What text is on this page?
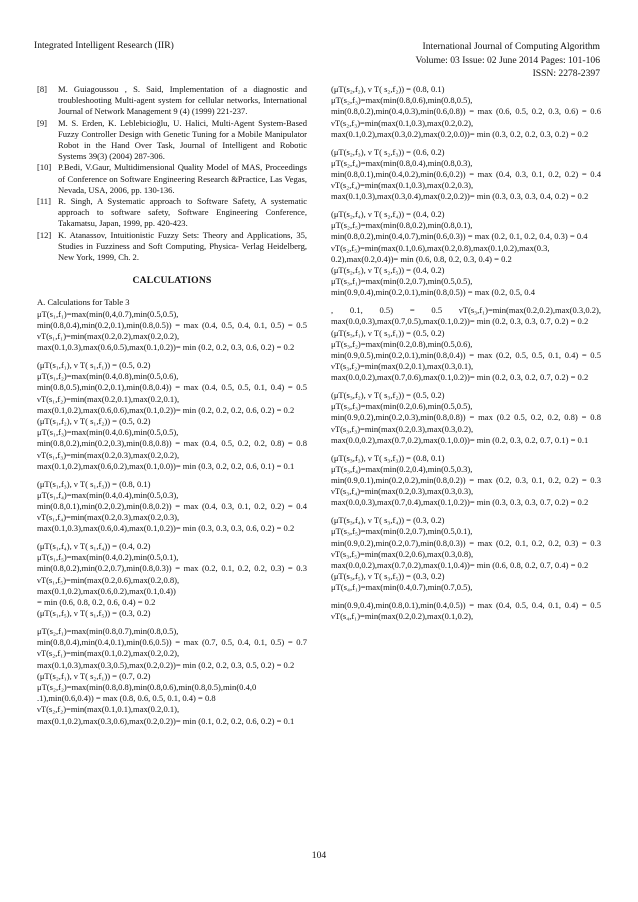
Integrated Intelligent Research (IIR)	International Journal of Computing Algorithm
Volume: 03 Issue: 02 June 2014 Pages: 101-106
ISSN: 2278-2397
[8]	M. Guiagoussou , S. Said, Implementation of a diagnostic and troubleshooting Multi-agent system for cellular networks, International Journal of Network Management 9 (4) (1999) 221-237.
[9]	M. S. Erden, K. Leblebicioğlu, U. Halici, Multi-Agent System-Based Fuzzy Controller Design with Genetic Tuning for a Mobile Manipulator Robot in the Hand Over Task, Journal of Intelligent and Robotic Systems 39(3) (2004) 287-306.
[10] P.Bedi, V.Gaur, Multidimensional Quality Model of MAS, Proceedings of Conference on Software Engineering Research &Practice, Las Vegas, Nevada, USA, 2006, pp. 130-136.
[11] R. Singh, A Systematic approach to Software Safety, A systematic approach to software safety, Software Engineering Conference, Takamatsu, Japan, 1999, pp. 420-423.
[12] K. Atanassov, Intuitionistic Fuzzy Sets: Theory and Applications, 35, Studies in Fuzziness and Soft Computing, Physica- Verlag Heidelberg, New York, 1999, Ch. 2.
CALCULATIONS
A. Calculations for Table 3
μT(s₁,f₁)=max(min(0,4,0.7),min(0.5,0.5),
min(0.8,0.4),min(0.2,0.1),min(0.8,0.5)) = max (0.4, 0.5, 0.4, 0.1, 0.5) = 0.5 νT(s₁,f₁)=min(max(0.2,0.2),max(0.2,0.2), max(0.1,0.3),max(0.6,0.5),max(0.1,0.2))= min (0.2, 0.2, 0.3, 0.6, 0.2) = 0.2
(μT(s₁,f₁), ν T( s₁,f₁)) = (0.5, 0.2)
μT(s₁,f₂)=max(min(0.4,0.8),min(0.5,0.6),
min(0.8,0.5),min(0.2,0.1),min(0.8,0.4)) = max (0.4, 0.5, 0.5, 0.1, 0.4) = 0.5 νT(s₁,f₂)=min(max(0.2,0.1),max(0.2,0.1), max(0.1,0.2),max(0.6,0.6),max(0.1,0.2))= min (0.2, 0.2, 0.2, 0.6, 0.2) = 0.2
(μT(s₁,f₂), ν T( s₁,f₂)) = (0.5, 0.2)
μT(s₁,f₃)=max(min(0.4,0.6),min(0.5,0.5),
min(0.8,0.2),min(0.2,0.3),min(0.8,0.8)) = max (0.4, 0.5, 0.2, 0.2, 0.8) = 0.8 νT(s₁,f₃)=min(max(0.2,0.3),max(0.2,0.2), max(0.1,0.2),max(0.6,0.2),max(0.1,0.0))= min (0.3, 0.2, 0.2, 0.6, 0.1) = 0.1
(μT(s₁,f₃), ν T( s₁,f₃)) = (0.8, 0.1)
μT(s₁,f₄)=max(min(0.4,0.4),min(0.5,0.3),
min(0.8,0.1),min(0.2,0.2),min(0.8,0.2)) = max (0.4, 0.3, 0.1, 0.2, 0.2) = 0.4 νT(s₁,f₄)=min(max(0.2,0.3),max(0.2,0.3), max(0.1,0.3),max(0.6,0.4),max(0.1,0.2))= min (0.3, 0.3, 0.3, 0.6, 0.2) = 0.2
(μT(s₁,f₄), ν T( s₁,f₄)) = (0.4, 0.2)
μT(s₁,f₅)=max(min(0.4,0.2),min(0.5,0.1),
min(0.8,0.2),min(0.2,0.7),min(0.8,0.3)) = max (0.2, 0.1, 0.2, 0.2, 0.3) = 0.3 νT(s₁,f₅)=min(max(0.2,0.6),max(0.2,0.8), max(0.1,0.2),max(0.6,0.2),max(0.1,0.4))
= min (0.6, 0.8, 0.2, 0.6, 0.4) = 0.2
(μT(s₁,f₅), ν T( s₁,f₅)) = (0.3, 0.2)
μT(s₂,f₁)=max(min(0.8,0.7),min(0.8,0.5),
min(0.8,0.4),min(0.4,0.1),min(0.6,0.5)) = max (0.7, 0.5, 0.4, 0.1, 0.5) = 0.7 νT(s₂,f₁)=min(max(0.1,0.2),max(0.2,0.2), max(0.1,0.3),max(0.3,0.5),max(0.2,0.2))= min (0.2, 0.2, 0.3, 0.5, 0.2) = 0.2
(μT(s₂,f₁), ν T( s₂,f₁)) = (0.7, 0.2)
μT(s₂,f₂)=max(min(0.8,0.8),min(0.8,0.6),min(0.8,0.5),min(0.4,0 .1),min(0.6,0.4)) = max (0.8, 0.6, 0.5, 0.1, 0.4) = 0.8
νT(s₂,f₂)=min(max(0.1,0.1),max(0.2,0.1),
max(0.1,0.2),max(0.3,0.6),max(0.2,0.2))= min (0.1, 0.2, 0.2, 0.6, 0.2) = 0.1
(μT(s₂,f₂), ν T( s₂,f₂)) = (0.8, 0.1)
μT(s₂,f₃)=max(min(0.8,0.6),min(0.8,0.5),
min(0.8,0.2),min(0.4,0.3),min(0.6,0.8)) = max (0.6, 0.5, 0.2, 0.3, 0.6) = 0.6 νT(s₂,f₃)=min(max(0.1,0.3),max(0.2,0.2), max(0.1,0.2),max(0.3,0.2),max(0.2,0.0))= min (0.3, 0.2, 0.2, 0.3, 0.2) = 0.2
(μT(s₂,f₃), ν T( s₂,f₃)) = (0.6, 0.2)
μT(s₂,f₄)=max(min(0.8,0.4),min(0.8,0.3),
min(0.8,0.1),min(0.4,0.2),min(0.6,0.2)) = max (0.4, 0.3, 0.1, 0.2, 0.2) = 0.4 νT(s₂,f₄)=min(max(0.1,0.3),max(0.2,0.3), max(0.1,0.3),max(0.3,0.4),max(0.2,0.2))= min (0.3, 0.3, 0.3, 0.4, 0.2) = 0.2
(μT(s₂,f₄), ν T( s₂,f₄)) = (0.4, 0.2)
μT(s₂,f₅)=max(min(0.8,0.2),min(0.8,0.1),
min(0.8,0.2),min(0.4,0.7),min(0.6,0.3)) = max (0.2, 0.1, 0.2, 0.4, 0.3) = 0.4
νT(s₂,f₅)=min(max(0.1,0.6),max(0.2,0.8),max(0.1,0.2),max(0.3, 0.2),max(0.2,0.4))= min (0.6, 0.8, 0.2, 0.3, 0.4) = 0.2
(μT(s₂,f₅), ν T( s₂,f₅)) = (0.4, 0.2)
μT(s₃,f₁)=max(min(0.2,0.7),min(0.5,0.5),
min(0.9,0.4),min(0.2,0.1),min(0.8,0.5)) = max (0.2, 0.5, 0.4
, 0.1, 0.5) = 0.5 νT(s₃,f₁)=min(max(0.2,0.2),max(0.3,0.2), max(0.0,0.3),max(0.7,0.5),max(0.1,0.2))= min (0.2, 0.3, 0.3, 0.7, 0.2) = 0.2
(μT(s₃,f₁), ν T( s₃,f₁)) = (0.5, 0.2)
μT(s₃,f₂)=max(min(0.2,0.8),min(0.5,0.6),
min(0.9,0.5),min(0.2,0.1),min(0.8,0.4)) = max (0.2, 0.5, 0.5, 0.1, 0.4) = 0.5 νT(s₃,f₂)=min(max(0.2,0.1),max(0.3,0.1), max(0.0,0.2),max(0.7,0.6),max(0.1,0.2))= min (0.2, 0.3, 0.2, 0.7, 0.2) = 0.2
(μT(s₃,f₂), ν T( s₃,f₂)) = (0.5, 0.2)
μT(s₃,f₃)=max(min(0.2,0.6),min(0.5,0.5),
min(0.9,0.2),min(0.2,0.3),min(0.8,0.8)) = max (0.2 0.5, 0.2, 0.2, 0.8) = 0.8 νT(s₃,f₃)=min(max(0.2,0.3),max(0.3,0.2), max(0.0,0.2),max(0.7,0.2),max(0.1,0.0))= min (0.2, 0.3, 0.2, 0.7, 0.1) = 0.1
(μT(s₃,f₃), ν T( s₃,f₃)) = (0.8, 0.1)
μT(s₃,f₄)=max(min(0.2,0.4),min(0.5,0.3),
min(0.9,0.1),min(0.2,0.2),min(0.8,0.2)) = max (0.2, 0.3, 0.1, 0.2, 0.2) = 0.3 νT(s₃,f₄)=min(max(0.2,0.3),max(0.3,0.3), max(0.0,0.3),max(0.7,0.4),max(0.1,0.2))= min (0.3, 0.3, 0.3, 0.7, 0.2) = 0.2
(μT(s₃,f₄), ν T( s₃,f₄)) = (0.3, 0.2)
μT(s₃,f₅)=max(min(0.2,0.7),min(0.5,0.1),
min(0.9,0.2),min(0.2,0.7),min(0.8,0.3)) = max (0.2, 0.1, 0.2, 0.2, 0.3) = 0.3 νT(s₃,f₅)=min(max(0.2,0.6),max(0.3,0.8), max(0.0,0.2),max(0.7,0.2),max(0.1,0.4))= min (0.6, 0.8, 0.2, 0.7, 0.4) = 0.2
(μT(s₃,f₅), ν T( s₃,f₅)) = (0.3, 0.2)
μT(s₄,f₁)=max(min(0.4,0.7),min(0.7,0.5),
min(0.9,0.4),min(0.8,0.1),min(0.4,0.5)) = max (0.4, 0.5, 0.4, 0.1, 0.4) = 0.5 νT(s₄,f₁)=min(max(0.2,0.2),max(0.1,0.2),
104
